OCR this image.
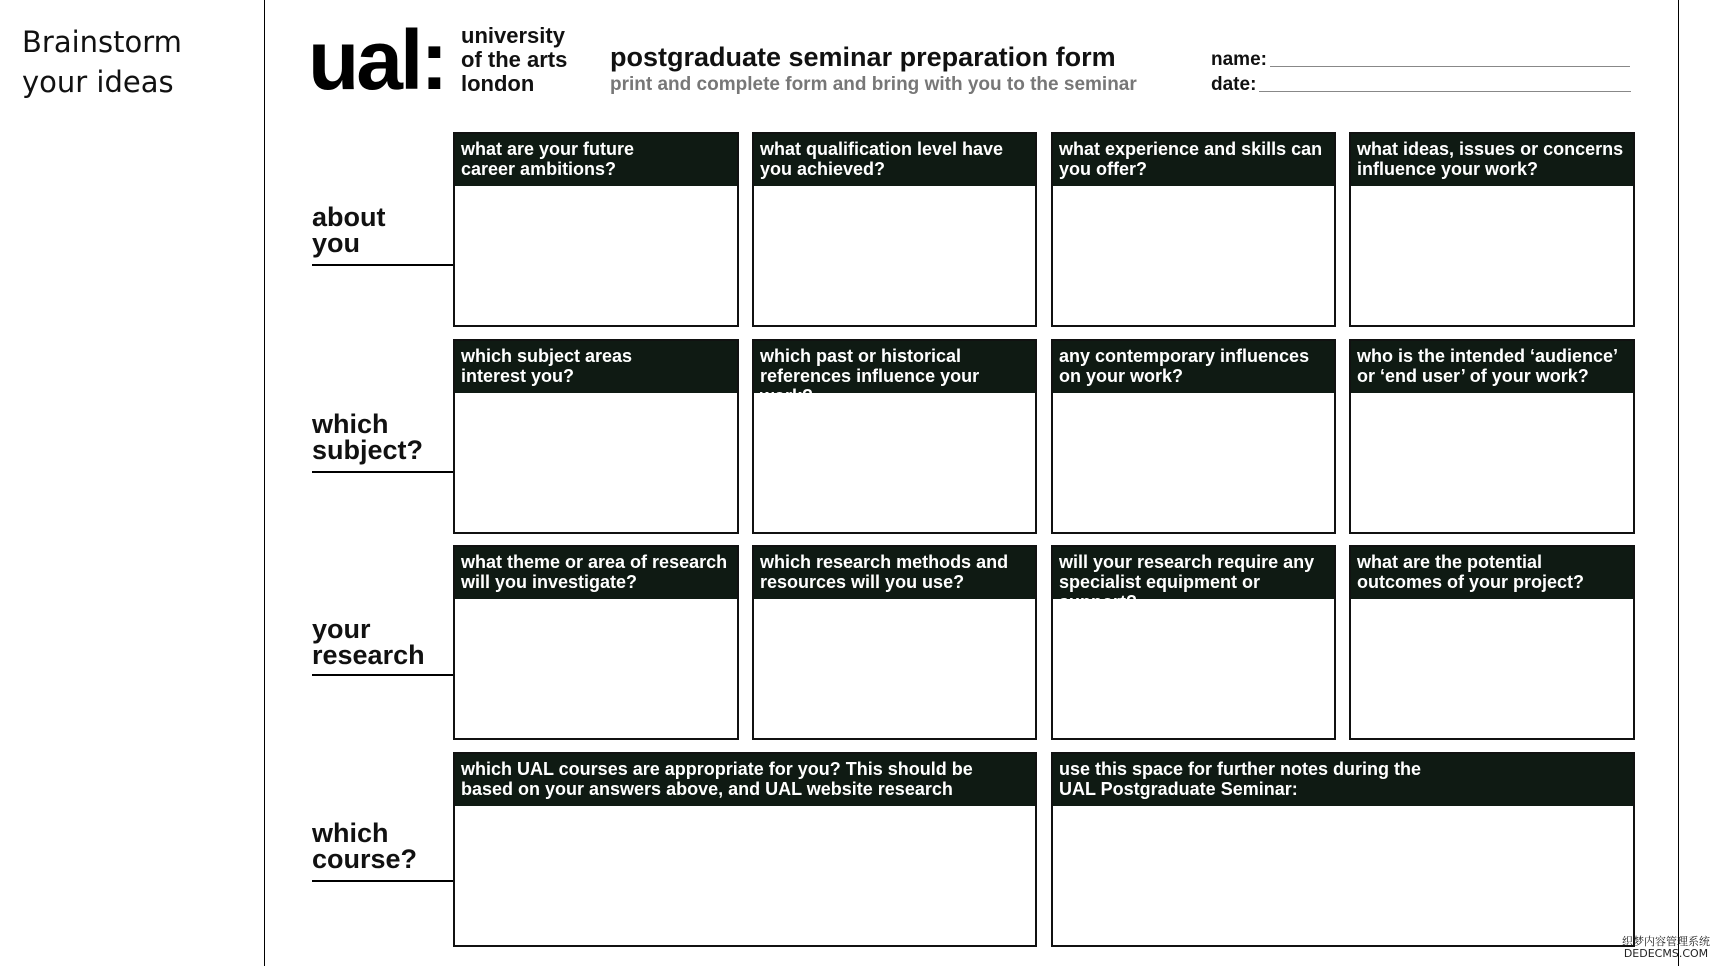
Brainstorm
your ideas ual: university
of the arts
london
postgraduate seminar preparation form
print and complete form and bring with you to the seminar
name:
date:
about
you
which
subject?
your
research
which
course?
what are your future
career ambitions?
what qualification level have
you achieved?
what experience and skills can
you offer?
what ideas, issues or concerns
influence your work?
which subject areas
interest you?
which past or historical
references influence your work?
any contemporary influences
on your work?
who is the intended ‘audience’
or ‘end user’ of your work?
what theme or area of research
will you investigate?
which research methods and
resources will you use?
will your research require any
specialist equipment or support?
what are the potential
outcomes of your project?
which UAL courses are appropriate for you? This should be
based on your answers above, and UAL website research
use this space for further notes during the
UAL Postgraduate Seminar:
织梦内容管理系统
DEDECMS.COM
